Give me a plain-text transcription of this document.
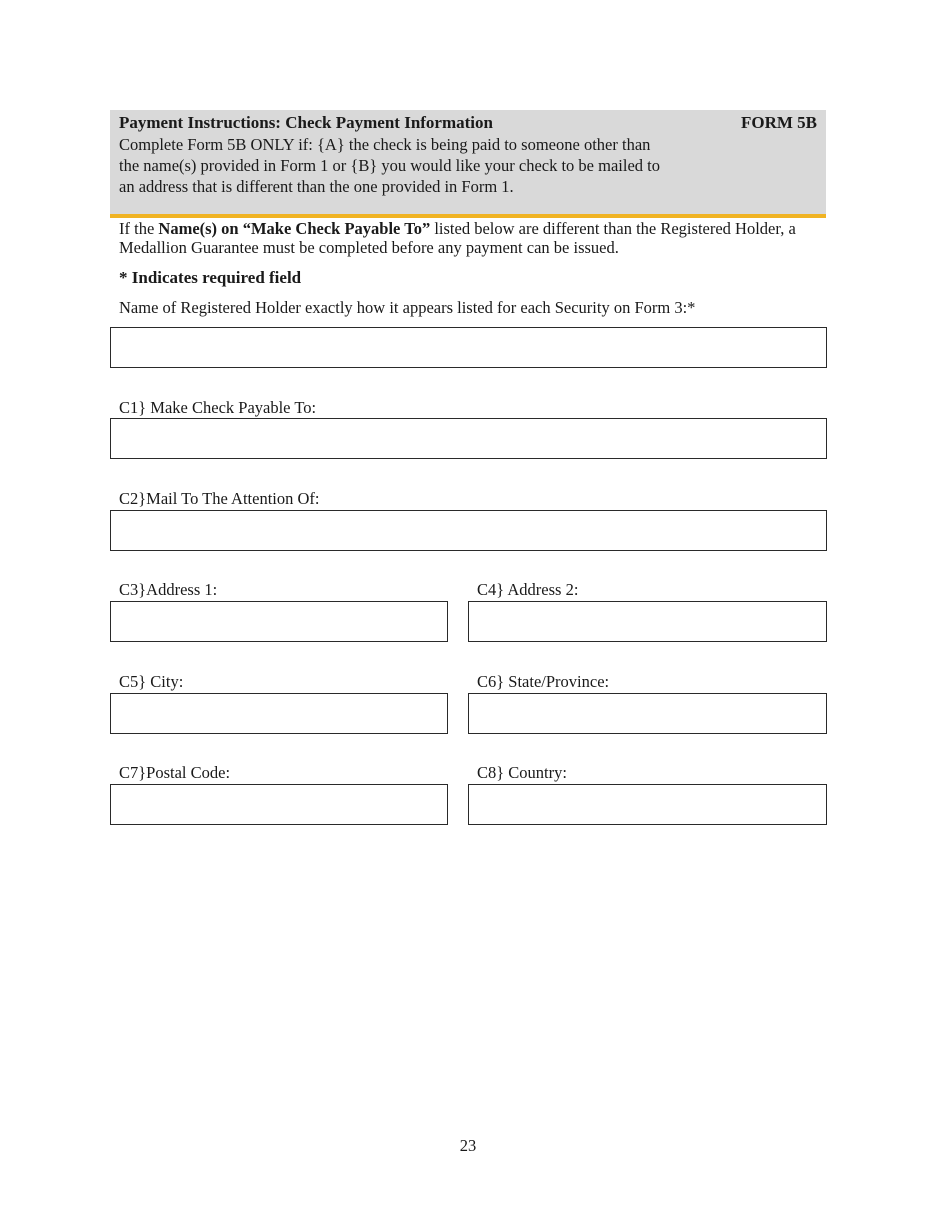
Payment Instructions: Check Payment Information	FORM 5B
Complete Form 5B ONLY if: {A} the check is being paid to someone other than the name(s) provided in Form 1 or {B} you would like your check to be mailed to an address that is different than the one provided in Form 1.
If the Name(s) on “Make Check Payable To” listed below are different than the Registered Holder, a Medallion Guarantee must be completed before any payment can be issued.
* Indicates required field
Name of Registered Holder exactly how it appears listed for each Security on Form 3:*
C1} Make Check Payable To:
C2}Mail To The Attention Of:
C3}Address 1:	C4} Address 2:
C5} City:	C6} State/Province:
C7}Postal Code:	C8} Country:
23
